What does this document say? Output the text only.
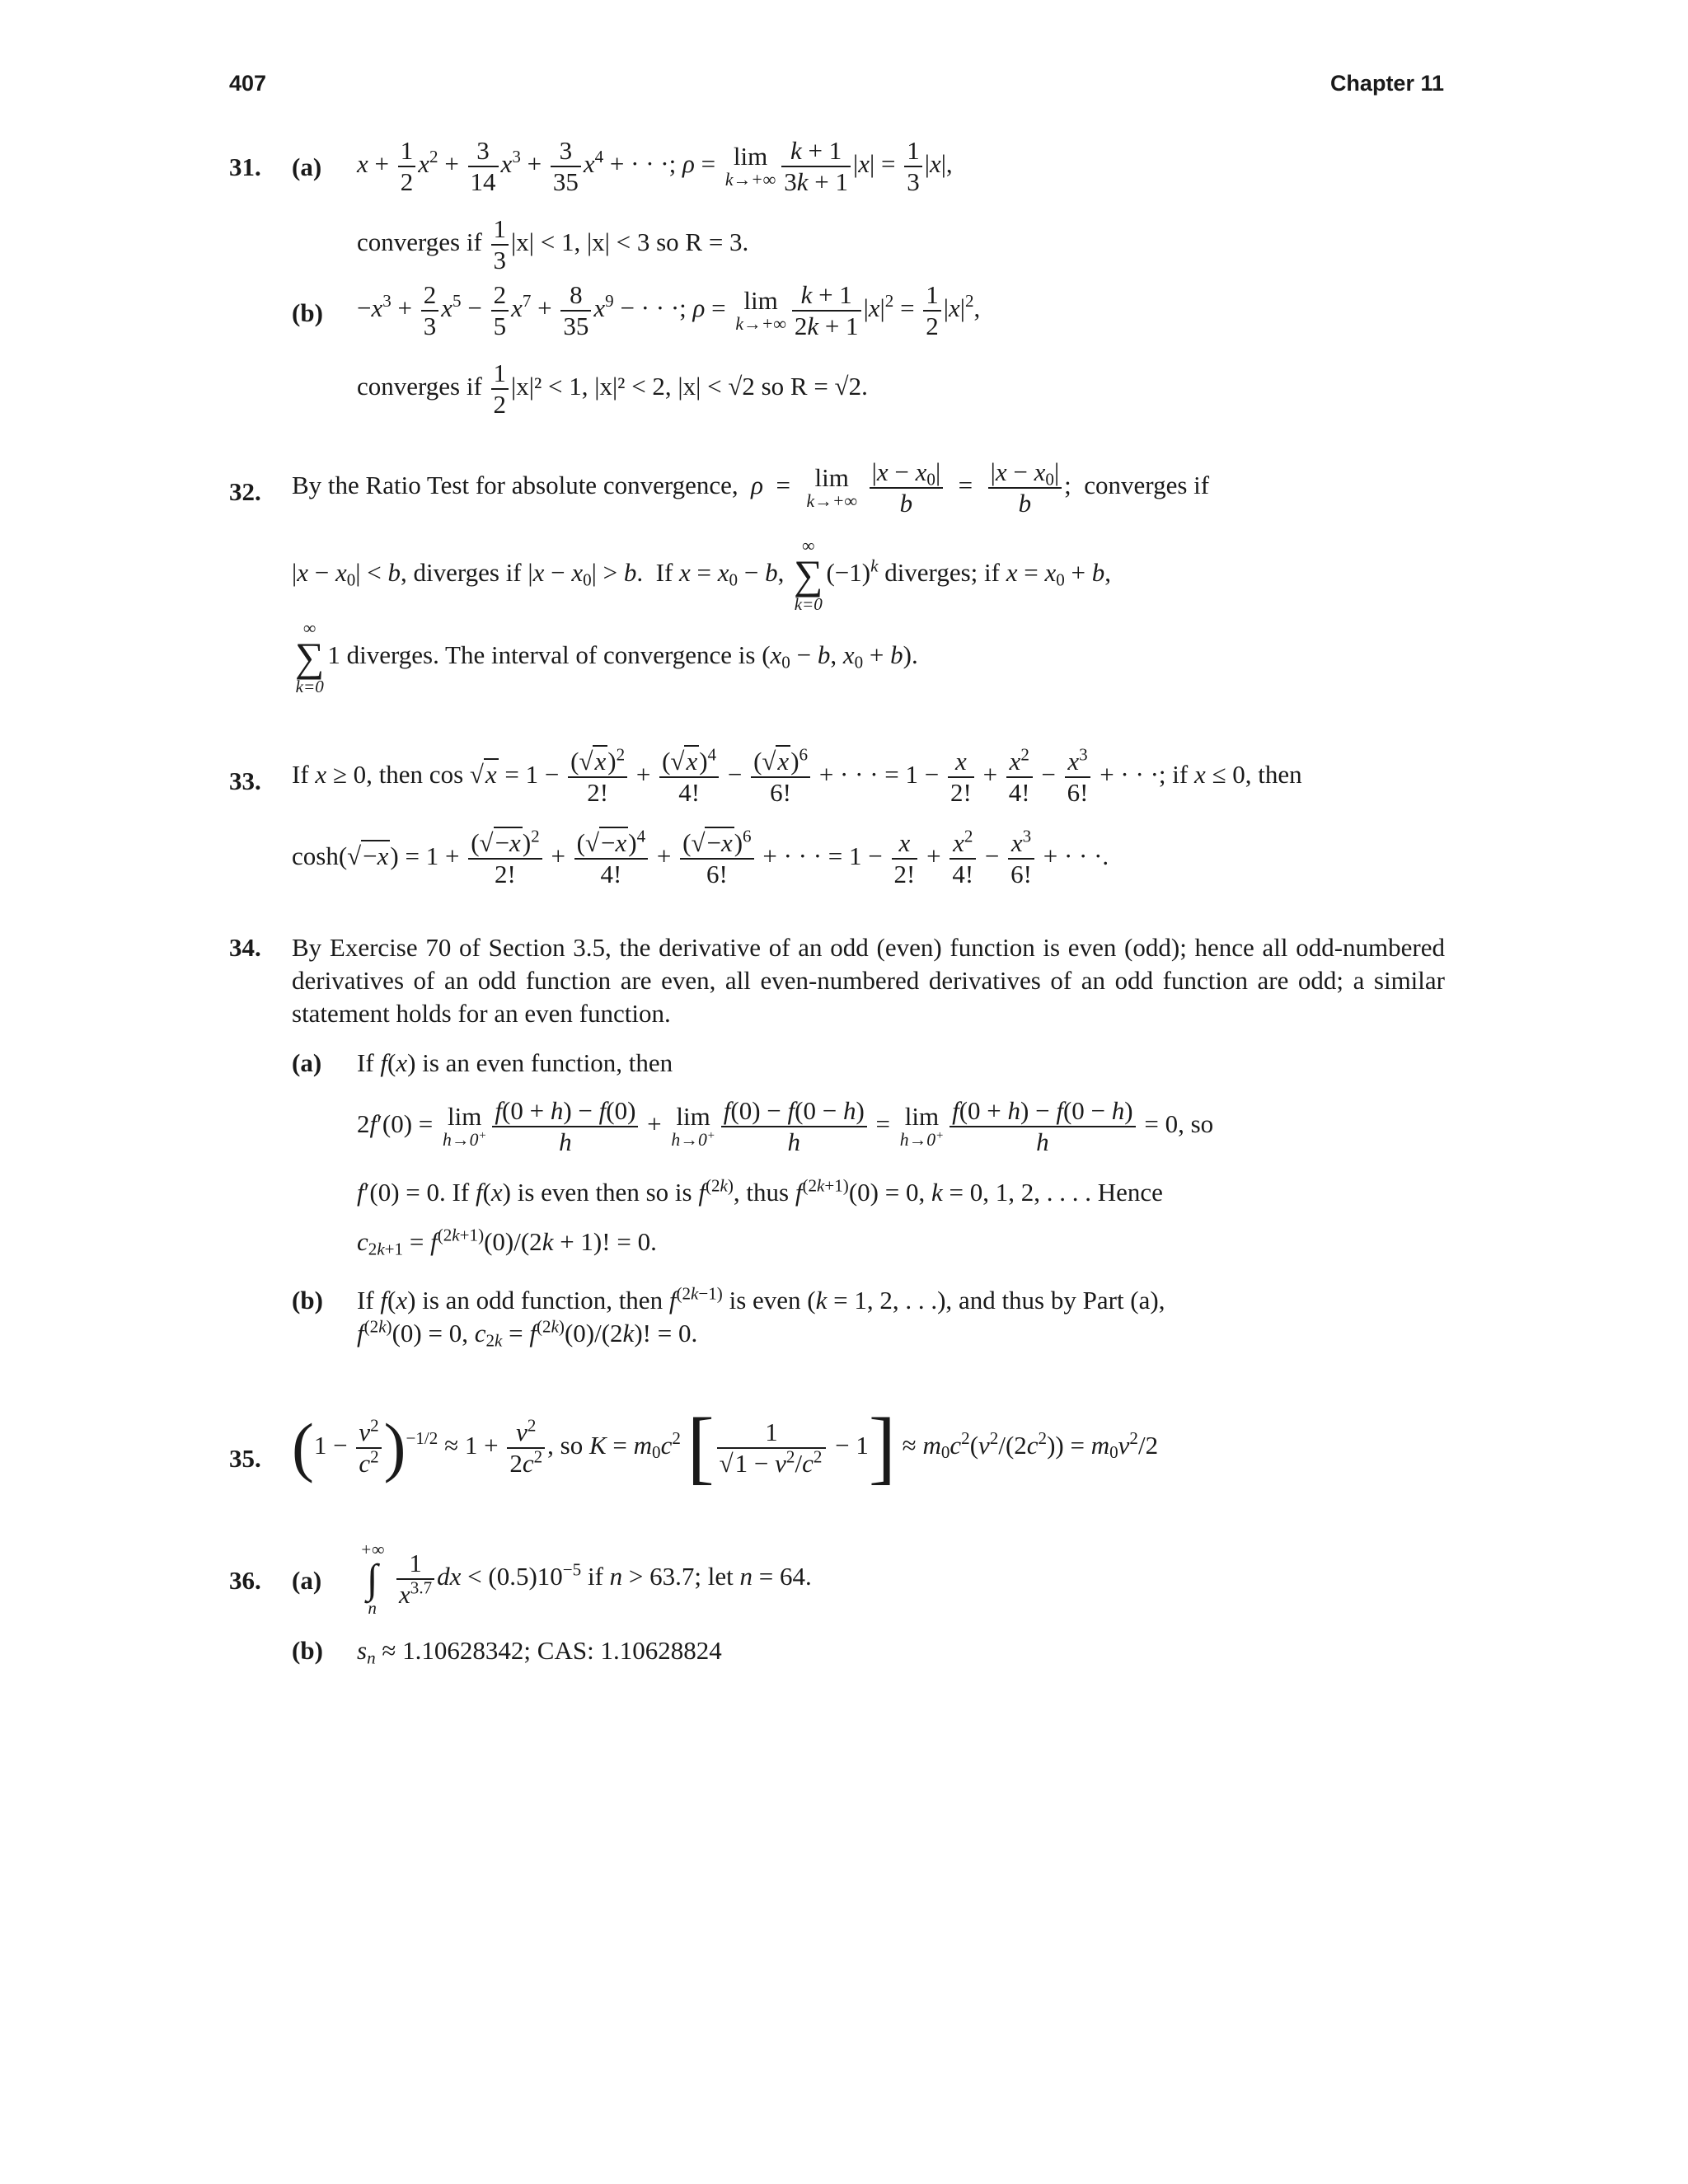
407	Chapter 11
31. (a) $x + \frac{1}{2} x^2 + \frac{3}{14} x^3 + \frac{3}{35} x^4$ + · · ·; ρ = lim
$k\to+\infty \frac{k + 1}{3k + 1} |x| = \frac{1}{3} |x|$,
converges if $\frac{1}{3} |x| < 1$, |x| < 3 so R = 3.
$(b) -x^3 + \frac{2}{3} x^5 - \frac{2}{5} x^7 + \frac{8}{35} x^9$ − · · ·; ρ = lim
$k\to+\infty \frac{k + 1}{2k + 1} |x|^2 = \frac{1}{2} |x|^2$,
converges if $\frac{1}{2} |x|^2 < 1$, |x|² < 2, |x| < √2 so R = √2.
32. By the Ratio Test for absolute convergence, ρ  = lim
k→+∞
$\frac{|x - x_0|}{b} = \frac{|x - x_0|}{b}$ ;  converges if
$|x - x_0| < b$, diverges if $|x - x_0| > b$.  If $x = x_0 - b$,
∞
∑
k=0
$(-1)^k$ diverges; if $x = x_0 + b$,
∞
∑
k=0
1 diverges. The interval of convergence is ($x_0 - b$, $x_0 + b$).
33. If x ≥ 0, then $\cos √x = 1 - \frac{(√x)^2}{2!} + \frac{(√x)^4}{4!} - \frac{(√x)^6}{6!}$ + · · · = $1 - \frac{x}{2!} + \frac{x^2}{4!} - \frac{x^3}{6!}$ + · · ·; if x ≤ 0, then
$\cosh(√-x) = 1 + \frac{(√-x)^2}{2!} + \frac{(√-x)^4}{4!} + \frac{(√-x)^6}{6!}$ + · · · = $1 - \frac{x}{2!} + \frac{x^2}{4!} - \frac{x^3}{6!}$ + · · ·.
34. By Exercise 70 of Section 3.5, the derivative of an odd (even) function is even (odd); hence all odd-numbered derivatives of an odd function are even, all even-numbered derivatives of an odd function are odd; a similar statement holds for an even function.
(a) If f(x) is an even function, then
2f′(0) = lim
$h\to 0^+ \frac{f(0 + h) - f(0)}{h} + \lim$
$h\to 0^+ \frac{f(0) - f(0 - h)}{h} = \lim$
$h\to 0^+ \frac{f(0 + h) - f(0 - h)}{h} = 0$, so
f′(0) = 0. If f(x) is even then so is $f^{(2k)}$, thus $f^{(2k+1)}(0) = 0$, k = 0, 1, 2, . . . . Hence
$c_{2k+1} = f^{(2k+1)}(0)/(2k + 1)$! = 0.
(b) If f(x) is an odd function, then $f^{(2k-1)}$ is even (k = 1, 2, . . .), and thus by Part (a),
$f^{(2k)}(0) = 0$, $c_{2k} = f^{(2k)}(0)/(2k)$! = 0.
35. $(1 - \frac{v^2}{c^2} )^{-1/2} \approx 1 + \frac{v^2}{2c^2}$ , so $K = m_0c^2$ [ $\frac{1}{√1 - v^2/c^2} - 1] \approx m_0c^2(v^2/(2c^2)) = m_0v^2/2$
36. (a)
+∞
∫
n
$\frac{1}{x^{3.7}}$ dx < $(0.5)10^{-5}$ if n > 63.7; let n = 64.
(b) $s_n \approx 1.10628342$; CAS: 1.10628824
